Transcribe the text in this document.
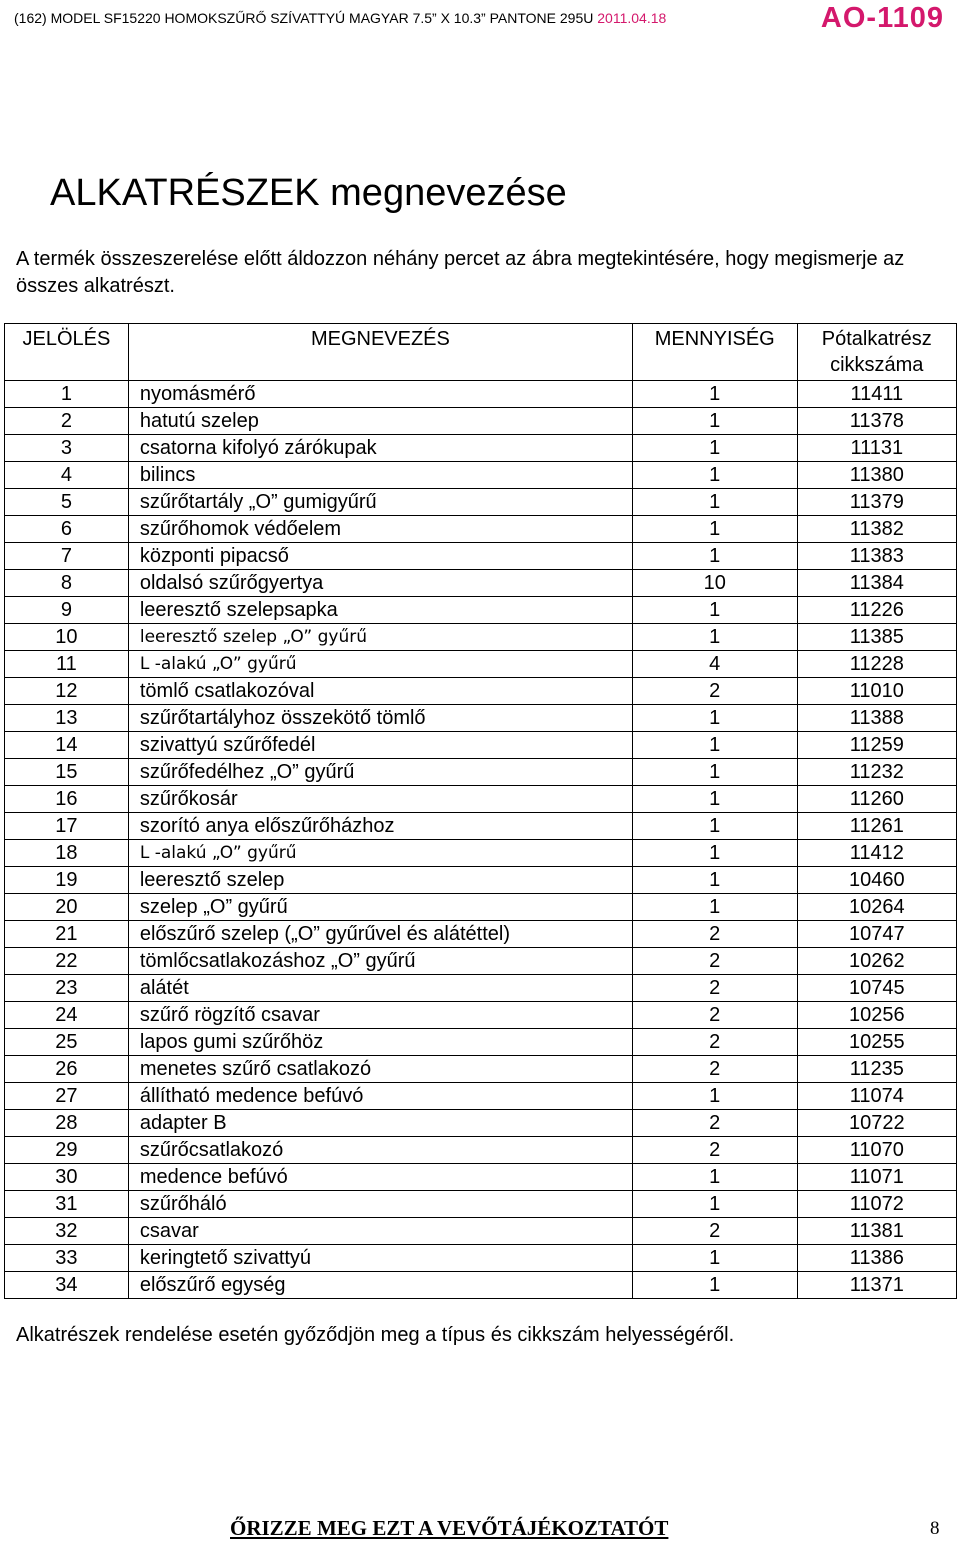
(162) MODEL SF15220 HOMOKSZŰRŐ SZÍVATTYÚ MAGYAR 7.5” X 10.3” PANTONE 295U 2011.04.18	AO-1109
ALKATRÉSZEK megnevezése
A termék összeszerelése előtt áldozzon néhány percet az ábra megtekintésére, hogy megismerje az összes alkatrészt.
JELÖLÉS	MEGNEVEZÉS	MENNYISÉG	Pótalkatrész
cikkszáma
1	nyomásmérő	1	11411
2	hatutú szelep	1	11378
3	csatorna kifolyó zárókupak	1	11131
4	bilincs	1	11380
5	szűrőtartály „O” gumigyűrű	1	11379
6	szűrőhomok védőelem	1	11382
7	központi pipacső	1	11383
8	oldalsó szűrőgyertya	10	11384
9	leeresztő szelepsapka	1	11226
10	leeresztő szelep „O” gyűrű	1	11385
11	L -alakú „O” gyűrű	4	11228
12	tömlő csatlakozóval	2	11010
13	szűrőtartályhoz összekötő tömlő	1	11388
14	szivattyú szűrőfedél	1	11259
15	szűrőfedélhez „O” gyűrű	1	11232
16	szűrőkosár	1	11260
17	szorító anya előszűrőházhoz	1	11261
18	L -alakú „O” gyűrű	1	11412
19	leeresztő szelep	1	10460
20	szelep „O” gyűrű	1	10264
21	előszűrő szelep („O” gyűrűvel és alátéttel)	2	10747
22	tömlőcsatlakozáshoz „O” gyűrű	2	10262
23	alátét	2	10745
24	szűrő rögzítő csavar	2	10256
25	lapos gumi szűrőhöz	2	10255
26	menetes szűrő csatlakozó	2	11235
27	állítható medence befúvó	1	11074
28	adapter B	2	10722
29	szűrőcsatlakozó	2	11070
30	medence befúvó	1	11071
31	szűrőháló	1	11072
32	csavar	2	11381
33	keringtető szivattyú	1	11386
34	előszűrő egység	1	11371
Alkatrészek rendelése esetén győződjön meg a típus és cikkszám helyességéről.
ŐRIZZE MEG EZT A VEVŐTÁJÉKOZTATÓT	8
